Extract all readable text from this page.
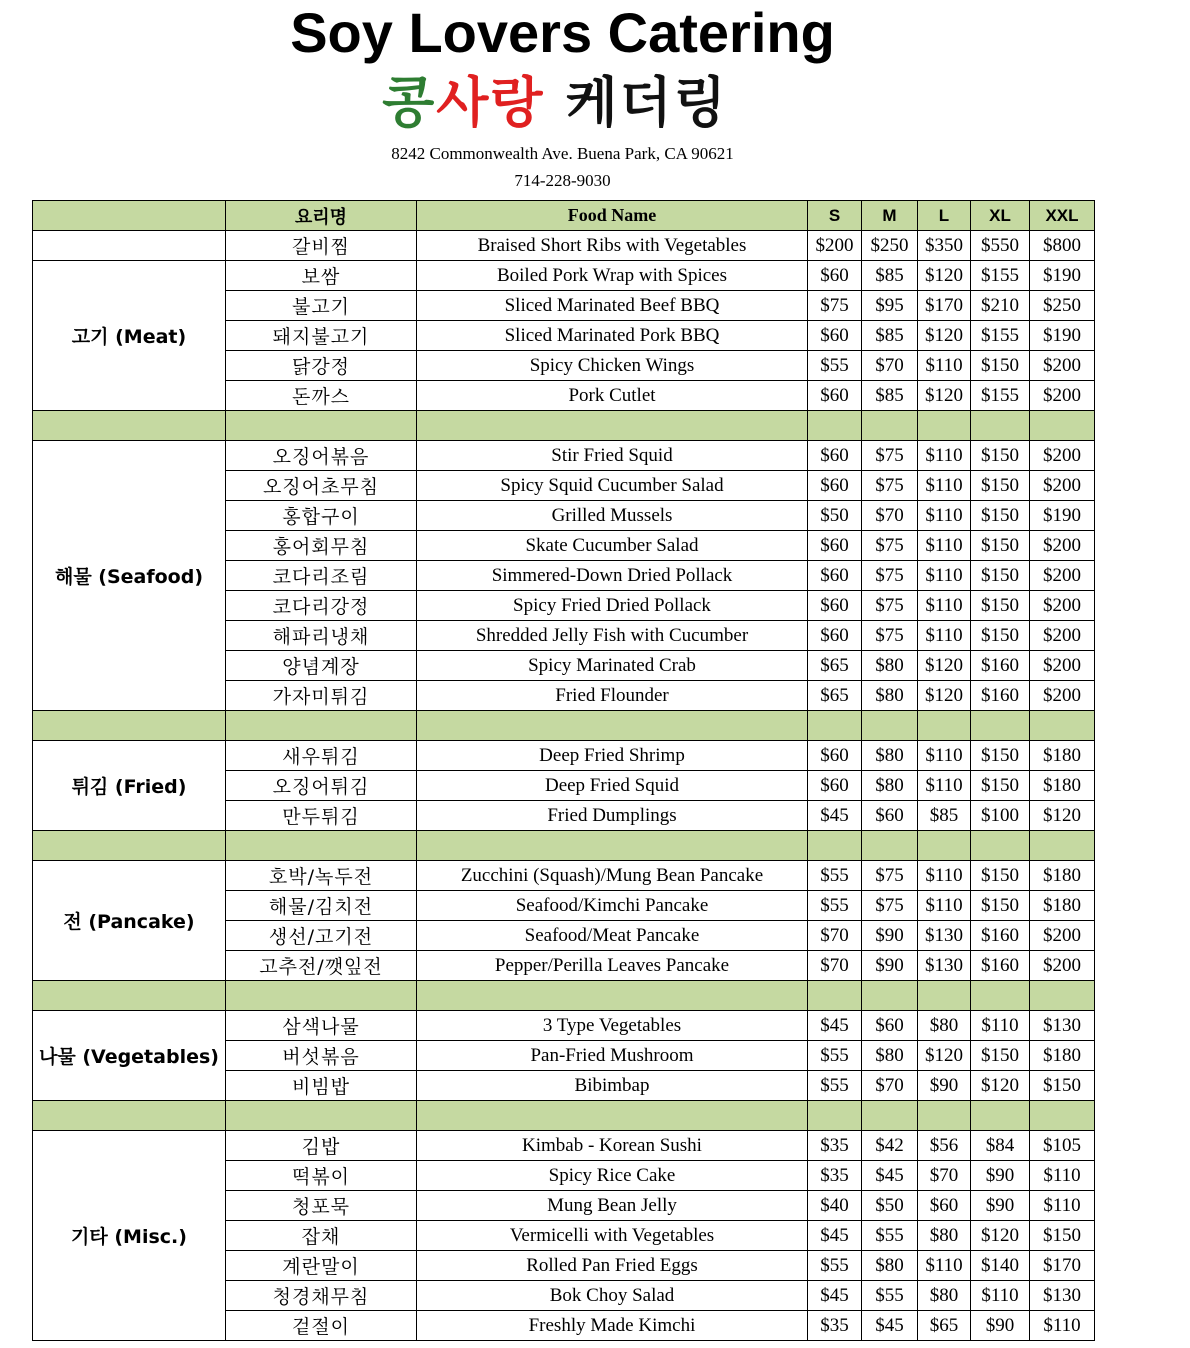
Soy Lovers Catering
콩사랑 케더링
8242 Commonwealth Ave. Buena Park, CA 90621
714-228-9030
	요리명	Food Name	S	M	L	XL	XXL
	갈비찜	Braised Short Ribs with Vegetables	$200	$250	$350	$550	$800
고기 (Meat)	보쌈	Boiled Pork Wrap with Spices	$60	$85	$120	$155	$190
	불고기	Sliced Marinated Beef BBQ	$75	$95	$170	$210	$250
	돼지불고기	Sliced Marinated Pork BBQ	$60	$85	$120	$155	$190
	닭강정	Spicy Chicken Wings	$55	$70	$110	$150	$200
	돈까스	Pork Cutlet	$60	$85	$120	$155	$200

해물 (Seafood)	오징어볶음	Stir Fried Squid	$60	$75	$110	$150	$200
	오징어초무침	Spicy Squid Cucumber Salad	$60	$75	$110	$150	$200
	홍합구이	Grilled Mussels	$50	$70	$110	$150	$190
	홍어회무침	Skate Cucumber Salad	$60	$75	$110	$150	$200
	코다리조림	Simmered-Down Dried Pollack	$60	$75	$110	$150	$200
	코다리강정	Spicy Fried Dried Pollack	$60	$75	$110	$150	$200
	해파리냉채	Shredded Jelly Fish with Cucumber	$60	$75	$110	$150	$200
	양념계장	Spicy Marinated Crab	$65	$80	$120	$160	$200
	가자미튀김	Fried Flounder	$65	$80	$120	$160	$200

튀김 (Fried)	새우튀김	Deep Fried Shrimp	$60	$80	$110	$150	$180
	오징어튀김	Deep Fried Squid	$60	$80	$110	$150	$180
	만두튀김	Fried Dumplings	$45	$60	$85	$100	$120

전 (Pancake)	호박/녹두전	Zucchini (Squash)/Mung Bean Pancake	$55	$75	$110	$150	$180
	해물/김치전	Seafood/Kimchi Pancake	$55	$75	$110	$150	$180
	생선/고기전	Seafood/Meat Pancake	$70	$90	$130	$160	$200
	고추전/깻잎전	Pepper/Perilla Leaves Pancake	$70	$90	$130	$160	$200

나물 (Vegetables)	삼색나물	3 Type Vegetables	$45	$60	$80	$110	$130
	버섯볶음	Pan-Fried Mushroom	$55	$80	$120	$150	$180
	비빔밥	Bibimbap	$55	$70	$90	$120	$150

기타 (Misc.)	김밥	Kimbab - Korean Sushi	$35	$42	$56	$84	$105
	떡볶이	Spicy Rice Cake	$35	$45	$70	$90	$110
	청포묵	Mung Bean Jelly	$40	$50	$60	$90	$110
	잡채	Vermicelli with Vegetables	$45	$55	$80	$120	$150
	계란말이	Rolled Pan Fried Eggs	$55	$80	$110	$140	$170
	청경채무침	Bok Choy Salad	$45	$55	$80	$110	$130
	겉절이	Freshly Made Kimchi	$35	$45	$65	$90	$110
